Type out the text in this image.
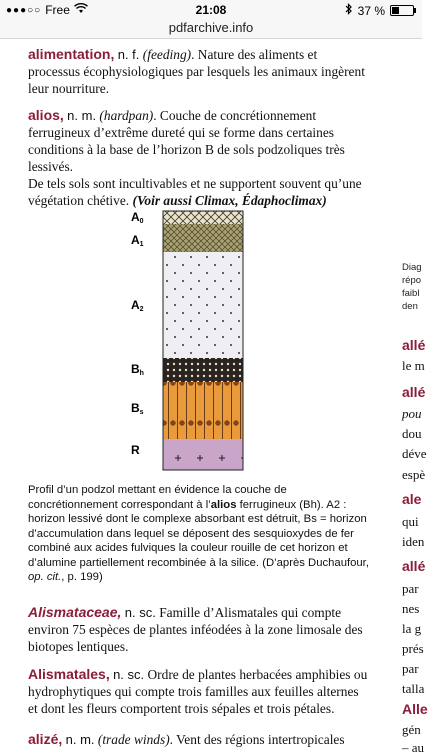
●●●○○ Free	21:08	37 %
pdfarchive.info

alimentation, n. f. (feeding). Nature des aliments et processus écophysiologiques par lesquels les animaux ingèrent leur nourriture.

alios, n. m. (hardpan). Couche de concrétionnement ferrugineux d’extrême dureté qui se forme dans certaines conditions à la base de l’horizon B de sols podzoliques très lessivés.
De tels sols sont incultivables et ne supportent souvent qu’une végétation chétive. (Voir aussi Climax, Édaphoclimax)

A0
A1
A2
Bh
Bs
R
Profil d’un podzol mettant en évidence la couche de concrétionnement correspondant à l’alios ferrugineux (Bh). A2 : horizon lessivé dont le complexe absorbant est détruit, Bs = horizon d’accumulation dans lequel se déposent des sesquioxydes de fer combiné aux acides fulviques la couleur rouille de cet horizon et d’alumine partiellement recombinée à la silice. (D’après Duchaufour, op. cit., p. 199)

Alismataceae, n. sc. Famille d’Alismatales qui compte environ 75 espèces de plantes inféodées à la zone limosale des biotopes lentiques.

Alismatales, n. sc. Ordre de plantes herbacées amphibies ou hydrophytiques qui compte trois familles aux feuilles alternes et dont les fleurs comportent trois sépales et trois pétales.

alizé, n. m. (trade winds). Vent des régions intertropicales

Diag
répo
faibl
den
allé
le m
allé
pou
dou
déve
espè
ale
qui
iden
allé
par
nes
la g
prés
par
talla
Alle
gén
– au
